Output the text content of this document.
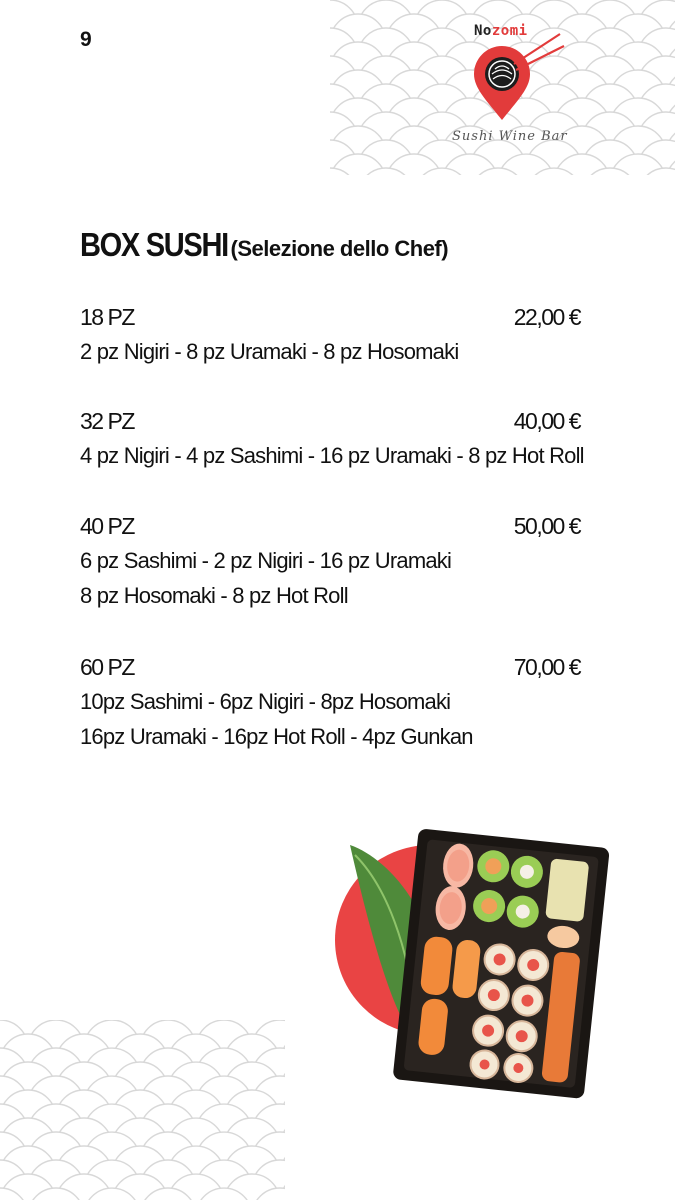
9	Nozomi
Sushi Wine Bar
BOX SUSHI (Selezione dello Chef)
18 PZ	22,00 €
2 pz Nigiri - 8 pz Uramaki - 8 pz Hosomaki
32 PZ	40,00 €
4 pz Nigiri - 4 pz Sashimi - 16 pz Uramaki - 8 pz Hot Roll
40 PZ	50,00 €
6 pz Sashimi - 2 pz Nigiri - 16 pz Uramaki
8 pz Hosomaki - 8 pz Hot Roll
60 PZ	70,00 €
10pz Sashimi - 6pz Nigiri - 8pz Hosomaki
16pz Uramaki - 16pz Hot Roll - 4pz Gunkan
